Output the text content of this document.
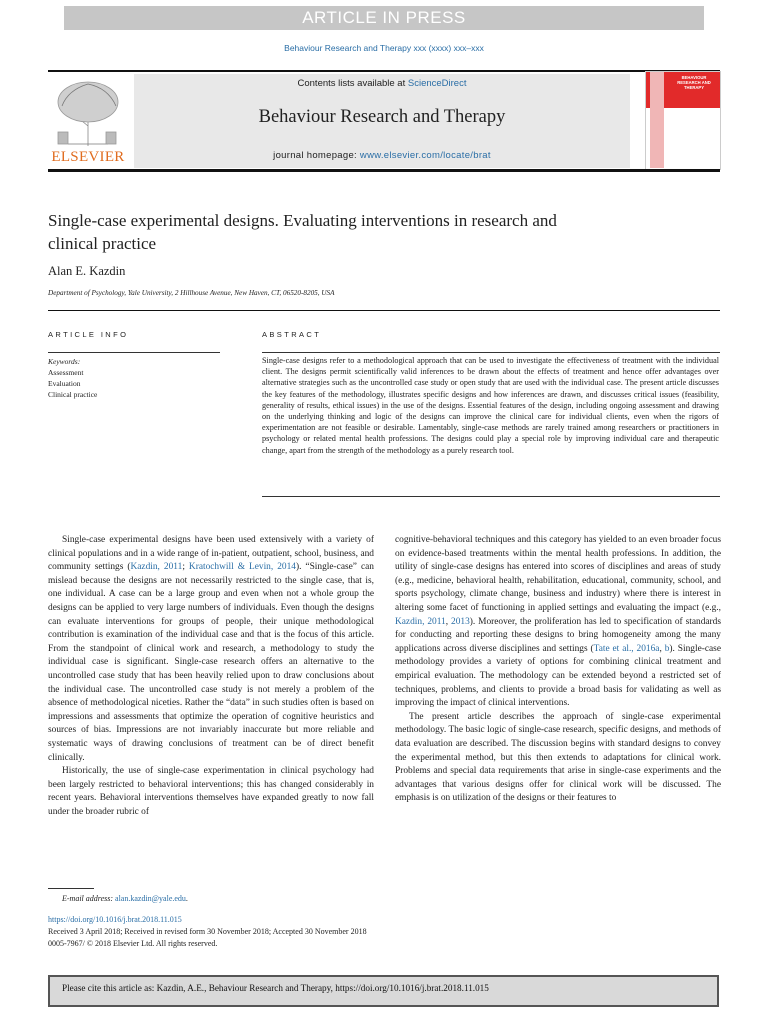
ARTICLE IN PRESS
Behaviour Research and Therapy xxx (xxxx) xxx–xxx
ELSEVIER
Contents lists available at ScienceDirect
Behaviour Research and Therapy
journal homepage: www.elsevier.com/locate/brat
BEHAVIOUR
RESEARCH AND
THERAPY
Single-case experimental designs. Evaluating interventions in research and
clinical practice
Alan E. Kazdin
Department of Psychology, Yale University, 2 Hillhouse Avenue, New Haven, CT, 06520-8205, USA
ARTICLE INFO
Keywords:
Assessment
Evaluation
Clinical practice
ABSTRACT
Single-case designs refer to a methodological approach that can be used to investigate the effectiveness of treatment with the individual client. The designs permit scientifically valid inferences to be drawn about the effects of treatment and hence offer advantages over alternative strategies such as the uncontrolled case study or open study that are used with the individual case. The present article discusses the key features of the methodology, illustrates specific designs and how inferences are drawn, and discusses critical issues (feasibility, generality of results, ethical issues) in the use of the designs. Essential features of the design, including ongoing assessment and drawing on the underlying thinking and logic of the designs can improve the clinical care for individual clients, even when the rigors of experimentation are not feasible or desirable. Lamentably, single-case methods are rarely trained among researchers or practitioners in psychology or related mental health professions. The designs could play a special role by improving individual care and therapeutic change, apart from the strength of the methodology as a purely research tool.

Single-case experimental designs have been used extensively with a variety of clinical populations and in a wide range of in-patient, outpatient, school, business, and community settings (Kazdin, 2011; Kratochwill & Levin, 2014). “Single-case” can mislead because the designs are not necessarily restricted to the single case, that is, one individual. A case can be a large group and even when not a whole group the designs can be applied to very large numbers of individuals. Even though the designs can evaluate interventions for groups of people, their unique methodological contribution is examination of the individual case and that is the focus of this article. From the standpoint of clinical work and research, a methodology to study the individual case is significant. Single-case research offers an alternative to the uncontrolled case study that has been heavily relied upon to draw conclusions about the individual case. The uncontrolled case study is not merely a problem of the absence of methodological niceties. Rather the “data” in such studies often is based on impressions and assessments that optimize the operation of cognitive heuristics and sources of bias. Impressions are not invariably inaccurate but more reliable and systematic ways of drawing conclusions of treatment can be of direct benefit clinically.

Historically, the use of single-case experimentation in clinical psychology had been largely restricted to behavioral interventions; this has changed considerably in recent years. Behavioral interventions themselves have expanded greatly to now fall under the broader rubric of

cognitive-behavioral techniques and this category has yielded to an even broader focus on evidence-based treatments within the mental health professions. In addition, the utility of single-case designs has entered into scores of disciplines and areas of study (e.g., medicine, behavioral health, rehabilitation, educational, community, school, and sports psychology, climate change, business and industry) where there is interest in altering some facet of functioning in applied settings and evaluating the impact (e.g., Kazdin, 2011, 2013). Moreover, the proliferation has led to specification of standards for conducting and reporting these designs to bring homogeneity among the many applications across diverse disciplines and settings (Tate et al., 2016a, b). Single-case methodology provides a variety of options for combining clinical treatment and empirical evaluation. The methodology can be extended beyond a restricted set of techniques, problems, and clients to provide a broad basis for validating as well as improving the impact of clinical interventions.

The present article describes the approach of single-case experimental methodology. The basic logic of single-case research, specific designs, and methods of data evaluation are described. The discussion begins with standard designs to convey the experimental method, but this then extends to adaptations for clinical work. Problems and special data requirements that arise in single-case experiments and the advantages that various designs offer for clinical work will be discussed. The emphasis is on utilization of the designs or their features to

E-mail address: alan.kazdin@yale.edu.
https://doi.org/10.1016/j.brat.2018.11.015
Received 3 April 2018; Received in revised form 30 November 2018; Accepted 30 November 2018
0005-7967/ © 2018 Elsevier Ltd. All rights reserved.
Please cite this article as: Kazdin, A.E., Behaviour Research and Therapy, https://doi.org/10.1016/j.brat.2018.11.015
